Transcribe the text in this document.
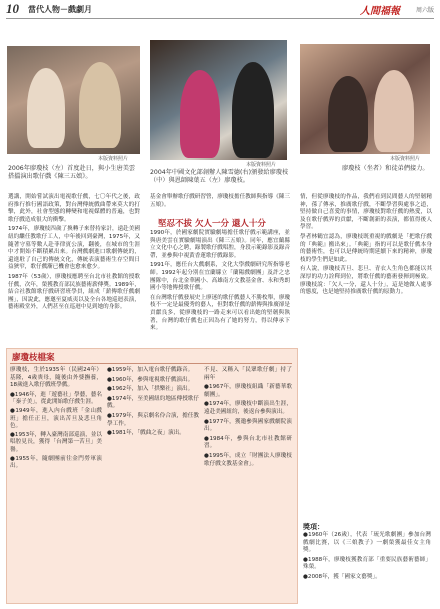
10 當代人物－戲劇月	人間福報	周六版
本版資料照片
2006年廖瓊枝（左）首度赴日，與小生唐美雲搭擋演出歌仔戲《陳三五娘》。
本版資料照片
2004年中國文化部創辦人陳雪德(右)頒發給廖瓊枝（中）與恩師陳葉五（左）廖瓊枝。
本版資料照片
廖瓊枝（坐者）和徒弟們接力。

選講，開始嘗試演出電視歌仔戲，七〇年代之後，政府推行推行國語政策，對台灣傳統戲曲帶來莫大的打擊，此外，社會型態的轉變和電視媒體的普遍，也對歌仔戲造成很大的衝擊。

1974年，廖瓊枝四歲了換轉子來替持家計，遠赴美國紐約繼任教歌仔工人，中年後回到臺灣，1975年，又隨著守墓等數人赴菲律賓公演，翻後，在城市的生涯中才開始不斷積累出來。台灣戲劇進口歌劇傳統的，還進駐了自己的傳統文化，傳統表演藝術生存空間日益狹窄，歌仔戲漸已機會也愈來愈少。

1987年（53歲），廖瓊枝應聘至台北市社教館的授歌仔戲，次年，榮獲教育部民族藝術薪傳獎。1989年，結合社教館歌仔戲研習班學員，組成「薪傳歌仔戲劇團」，因說此，應邀至夏威夷以及全台各地巡迴表演，藝術殿堂外，人們甚至在巡迴中見到她的身影。

基金會舉辦歌仔戲研習營，廖瓊枝擔任教師與指導《陳三五娘》。

堅忍不拔 欠人一分 還人十分

1990年，於國家劇院實驗劇場擔任歌仔戲示範講座，並與唐美雲在實驗劇場演出《陳三五娘》。同年，應宜蘭縣立文化中心之聘，錄製歌仔戲唱腔，身段示範錄影及錄音帶，並參與中視黃香蓮歌仔戲錄影。

1991年，應任台大戲劇系，文化大學戲劇研究所指導老師。1992年起分別在宜蘭縣立「蘭陽戲劇團」及許之忠團隊中，台北金華國小、高雄南方文教基金會、永和秀朗國小等地傳授歌仔戲。

在台灣歌仔戲發展史上廖迷的歌仔戲藝人不勝枚舉，廖瓊枝不一定是最優秀的藝人，但對歌仔戲的薪傳與推廣卻是貢獻良多，從廖瓊枝的一路走來可以看出她的堅韌與執著，台灣的歌仔戲也正因為有了她的努力，得以傳承下來。

情，但從廖瓊枝的作品，我們看到民間藝人的堅韌精神，孫了傳承，推廣歌仔戲，不斷學習與處事之道，堅持做自己喜愛的事情，廖瓊枝對歌仔戲的熱愛，以及在歌仔戲界的貢獻，不斷創新的表演，都值得後人學習。

學者林鶴宜認為，廖瓊枝既重視的戲劇是「把歌仔戲的『典範』搬出來」。「典範」指的可以是歌仔戲本身的藝術性，也可以是傳統時期延續下來的精神，廖瓊枝的學生們是如此。

有人說，廖瓊枝苦旦、悲旦、青衣人生角色都能以其深厚的功力詮釋到位，將歌仔戲的藝術發揮到極致。廖瓊枝說：「欠人一分，還人十分」，這是她做人處事的態度，也是她堅持推廣歌仔戲的原動力。

廖瓊枝檔案

廖瓊枝，生於1935年（民國24年）基隆，4歲喪母，隨後由外婆撫養，18歲進入歌仔戲班學戲。

●1946年，進「遊藝社」學藝，藝名「秦子美」，從此開始歌仔戲生涯。

●1949年，進入內台戲班「金山戲班」擔任正旦，演出苦旦及悲旦角色。

●1953年，轉入臺灣南部巡演，並以唱腔見長，獲得「台灣第一苦旦」美譽。

●1955年，隨劇團前往金門勞軍演出。

●1959年，加入電台歌仔戲錄音。

●1960年，參與電視歌仔戲演出。

●1962年，加入「拱樂社」演出。

●1974年，至美國紐約地區傳授歌仔戲。

●1979年，與京劇名伶合演，擔任教學工作。

●1981年，「戲曲之夜」演出。

不見、又稱入「民眾歌仔劇」持了兩年

●1967年，廖瓊枝組織「新藝華歌劇團」。

●1974年，廖瓊枝中斷演出生涯，遠赴美國紐約，後返台參與演出。

●1977年，獲邀參與國家戲劇院演出。

●1984年，參與台北市社教館研習。

●1995年，成立「財團法人廖瓊枝歌仔戲文教基金會」。

獎項：

●1960年（26歲），代表「琉光歌劇團」參加台灣戲劇比賽，以《三娘教子》一劇榮獲最佳女主角獎。

●1988年，廖瓊枝獲教育部「重要民族藝術藝師」殊榮。

●2008年，獲「國家文藝獎」。
